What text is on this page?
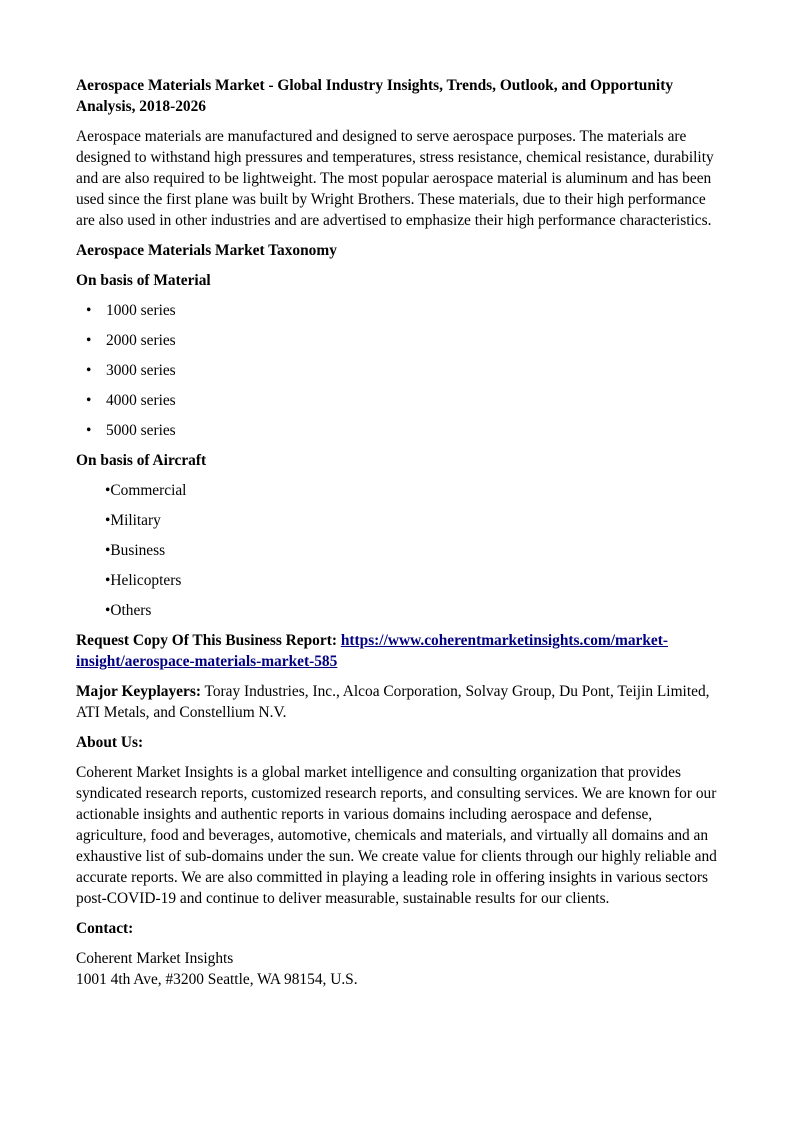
Aerospace Materials Market - Global Industry Insights, Trends, Outlook, and Opportunity Analysis, 2018-2026

Aerospace materials are manufactured and designed to serve aerospace purposes. The materials are designed to withstand high pressures and temperatures, stress resistance, chemical resistance, durability and are also required to be lightweight. The most popular aerospace material is aluminum and has been used since the first plane was built by Wright Brothers. These materials, due to their high performance are also used in other industries and are advertised to emphasize their high performance characteristics.

Aerospace Materials Market Taxonomy

On basis of Material

• 1000 series
• 2000 series
• 3000 series
• 4000 series
• 5000 series

On basis of Aircraft

•Commercial
•Military
•Business
•Helicopters
•Others

Request Copy Of This Business Report: https://www.coherentmarketinsights.com/market-insight/aerospace-materials-market-585

Major Keyplayers: Toray Industries, Inc., Alcoa Corporation, Solvay Group, Du Pont, Teijin Limited, ATI Metals, and Constellium N.V.

About Us:

Coherent Market Insights is a global market intelligence and consulting organization that provides syndicated research reports, customized research reports, and consulting services. We are known for our actionable insights and authentic reports in various domains including aerospace and defense, agriculture, food and beverages, automotive, chemicals and materials, and virtually all domains and an exhaustive list of sub-domains under the sun. We create value for clients through our highly reliable and accurate reports. We are also committed in playing a leading role in offering insights in various sectors post-COVID-19 and continue to deliver measurable, sustainable results for our clients.

Contact:

Coherent Market Insights

1001 4th Ave, #3200 Seattle, WA 98154, U.S.
